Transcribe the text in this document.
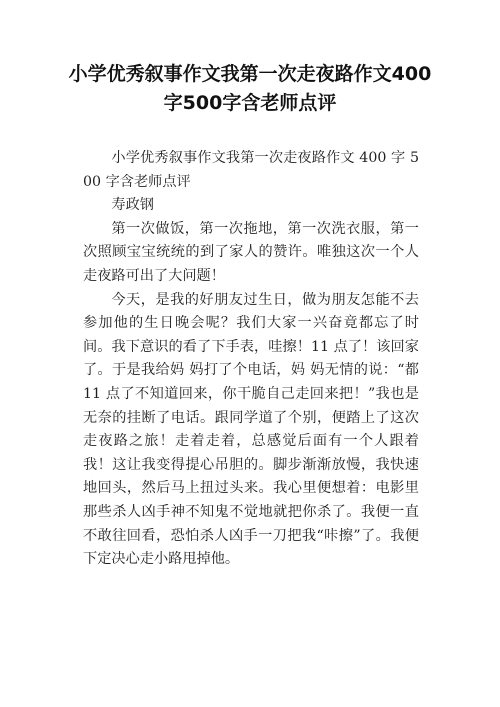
小学优秀叙事作文我第一次走夜路作文400字500字含老师点评

小学优秀叙事作文我第一次走夜路作文 400 字 500 字含老师点评

寿政钢

第一次做饭，第一次拖地，第一次洗衣服，第一次照顾宝宝统统的到了家人的赞许。唯独这次一个人走夜路可出了大问题！

今天，是我的好朋友过生日，做为朋友怎能不去参加他的生日晚会呢？我们大家一兴奋竟都忘了时间。我下意识的看了下手表，哇擦！11 点了！该回家了。于是我给妈 妈打了个电话，妈 妈无情的说：“都 11 点了不知道回来，你干脆自己走回来把！”我也是无奈的挂断了电话。跟同学道了个别，便踏上了这次走夜路之旅！走着走着，总感觉后面有一个人跟着我！这让我变得提心吊胆的。脚步渐渐放慢，我快速地回头，然后马上扭过头来。我心里便想着：电影里那些杀人凶手神不知鬼不觉地就把你杀了。我便一直不敢往回看，恐怕杀人凶手一刀把我“咔擦”了。我便下定决心走小路甩掉他。
